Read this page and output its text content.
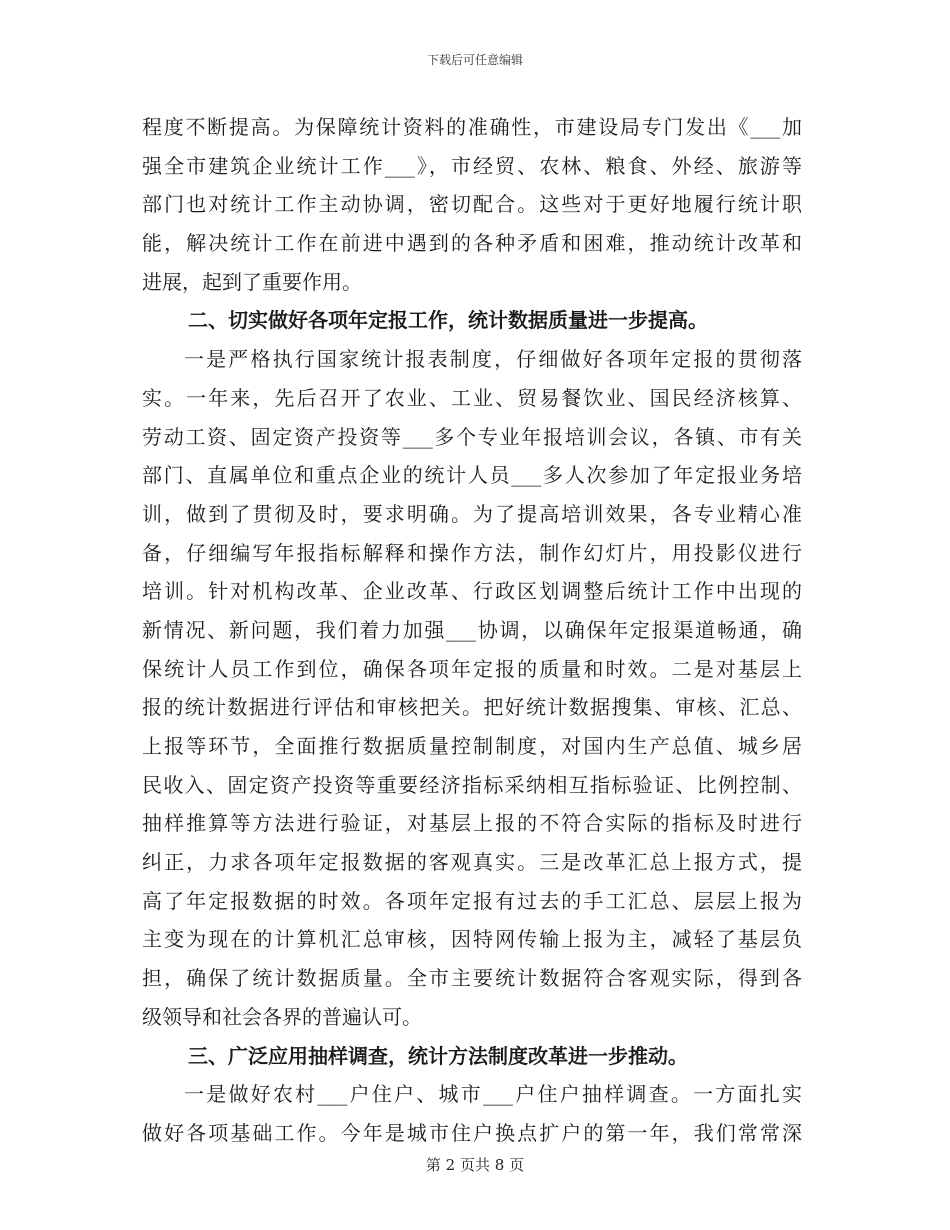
下载后可任意编辑
程度不断提高。为保障统计资料的准确性，市建设局专门发出《___加
强全市建筑企业统计工作___》，市经贸、农林、粮食、外经、旅游等
部门也对统计工作主动协调，密切配合。这些对于更好地履行统计职
能，解决统计工作在前进中遇到的各种矛盾和困难，推动统计改革和
进展，起到了重要作用。
二、切实做好各项年定报工作，统计数据质量进一步提高。
一是严格执行国家统计报表制度，仔细做好各项年定报的贯彻落
实。一年来，先后召开了农业、工业、贸易餐饮业、国民经济核算、
劳动工资、固定资产投资等___多个专业年报培训会议，各镇、市有关
部门、直属单位和重点企业的统计人员___多人次参加了年定报业务培
训，做到了贯彻及时，要求明确。为了提高培训效果，各专业精心准
备，仔细编写年报指标解释和操作方法，制作幻灯片，用投影仪进行
培训。针对机构改革、企业改革、行政区划调整后统计工作中出现的
新情况、新问题，我们着力加强___协调，以确保年定报渠道畅通，确
保统计人员工作到位，确保各项年定报的质量和时效。二是对基层上
报的统计数据进行评估和审核把关。把好统计数据搜集、审核、汇总、
上报等环节，全面推行数据质量控制制度，对国内生产总值、城乡居
民收入、固定资产投资等重要经济指标采纳相互指标验证、比例控制、
抽样推算等方法进行验证，对基层上报的不符合实际的指标及时进行
纠正，力求各项年定报数据的客观真实。三是改革汇总上报方式，提
高了年定报数据的时效。各项年定报有过去的手工汇总、层层上报为
主变为现在的计算机汇总审核，因特网传输上报为主，减轻了基层负
担，确保了统计数据质量。全市主要统计数据符合客观实际，得到各
级领导和社会各界的普遍认可。
三、广泛应用抽样调查，统计方法制度改革进一步推动。
一是做好农村___户住户、城市___户住户抽样调查。一方面扎实
做好各项基础工作。今年是城市住户换点扩户的第一年，我们常常深
第 2 页共 8 页
